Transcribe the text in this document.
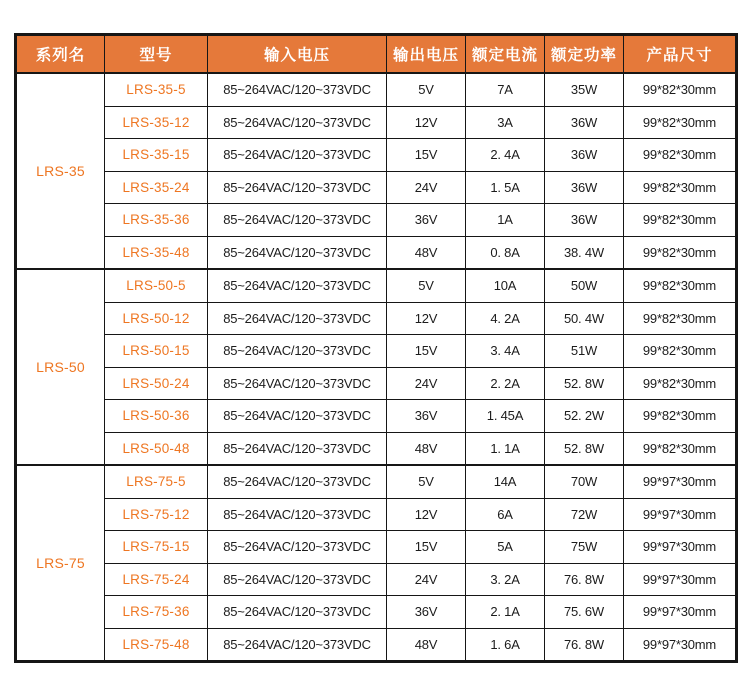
系列名	型号	输入电压	输出电压	额定电流	额定功率	产品尺寸
LRS-35	LRS-35-5	85~264VAC/120~373VDC	5V	7A	35W	99*82*30mm
	LRS-35-12	85~264VAC/120~373VDC	12V	3A	36W	99*82*30mm
	LRS-35-15	85~264VAC/120~373VDC	15V	2. 4A	36W	99*82*30mm
	LRS-35-24	85~264VAC/120~373VDC	24V	1. 5A	36W	99*82*30mm
	LRS-35-36	85~264VAC/120~373VDC	36V	1A	36W	99*82*30mm
	LRS-35-48	85~264VAC/120~373VDC	48V	0. 8A	38. 4W	99*82*30mm
LRS-50	LRS-50-5	85~264VAC/120~373VDC	5V	10A	50W	99*82*30mm
	LRS-50-12	85~264VAC/120~373VDC	12V	4. 2A	50. 4W	99*82*30mm
	LRS-50-15	85~264VAC/120~373VDC	15V	3. 4A	51W	99*82*30mm
	LRS-50-24	85~264VAC/120~373VDC	24V	2. 2A	52. 8W	99*82*30mm
	LRS-50-36	85~264VAC/120~373VDC	36V	1. 45A	52. 2W	99*82*30mm
	LRS-50-48	85~264VAC/120~373VDC	48V	1. 1A	52. 8W	99*82*30mm
LRS-75	LRS-75-5	85~264VAC/120~373VDC	5V	14A	70W	99*97*30mm
	LRS-75-12	85~264VAC/120~373VDC	12V	6A	72W	99*97*30mm
	LRS-75-15	85~264VAC/120~373VDC	15V	5A	75W	99*97*30mm
	LRS-75-24	85~264VAC/120~373VDC	24V	3. 2A	76. 8W	99*97*30mm
	LRS-75-36	85~264VAC/120~373VDC	36V	2. 1A	75. 6W	99*97*30mm
	LRS-75-48	85~264VAC/120~373VDC	48V	1. 6A	76. 8W	99*97*30mm
